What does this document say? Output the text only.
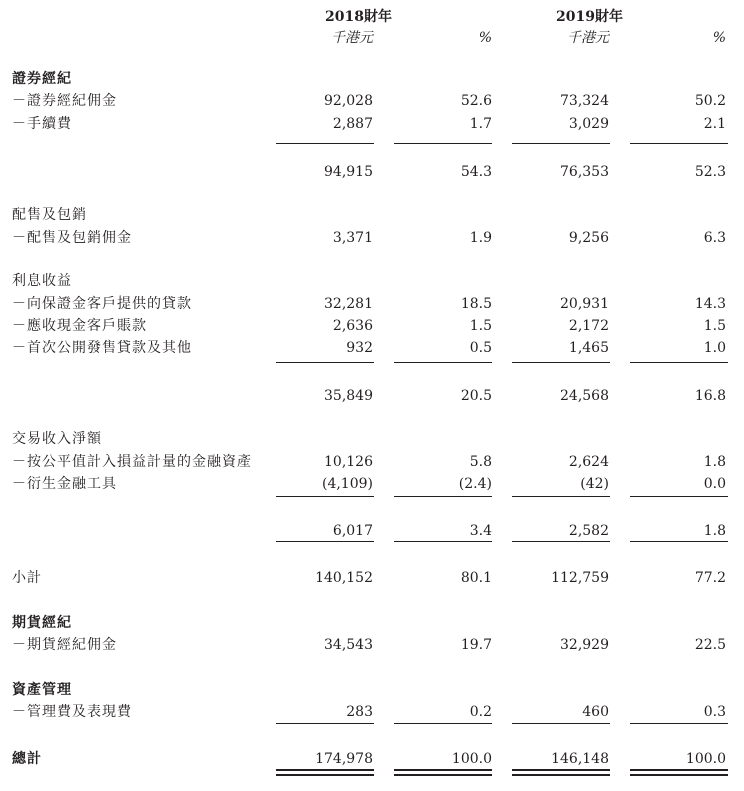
2018財年	2019財年
千港元	%	千港元	%
證券經紀
－證券經紀佣金	92,028	52.6	73,324	50.2
－手續費	2,887	1.7	3,029	2.1
94,915	54.3	76,353	52.3
配售及包銷
－配售及包銷佣金	3,371	1.9	9,256	6.3
利息收益
－向保證金客戶提供的貸款	32,281	18.5	20,931	14.3
－應收現金客戶賬款	2,636	1.5	2,172	1.5
－首次公開發售貸款及其他	932	0.5	1,465	1.0
35,849	20.5	24,568	16.8
交易收入淨額
－按公平值計入損益計量的金融資產	10,126	5.8	2,624	1.8
－衍生金融工具	(4,109)	(2.4)	(42)	0.0
6,017	3.4	2,582	1.8
小計	140,152	80.1	112,759	77.2
期貨經紀
－期貨經紀佣金	34,543	19.7	32,929	22.5
資產管理
－管理費及表現費	283	0.2	460	0.3
總計	174,978	100.0	146,148	100.0
